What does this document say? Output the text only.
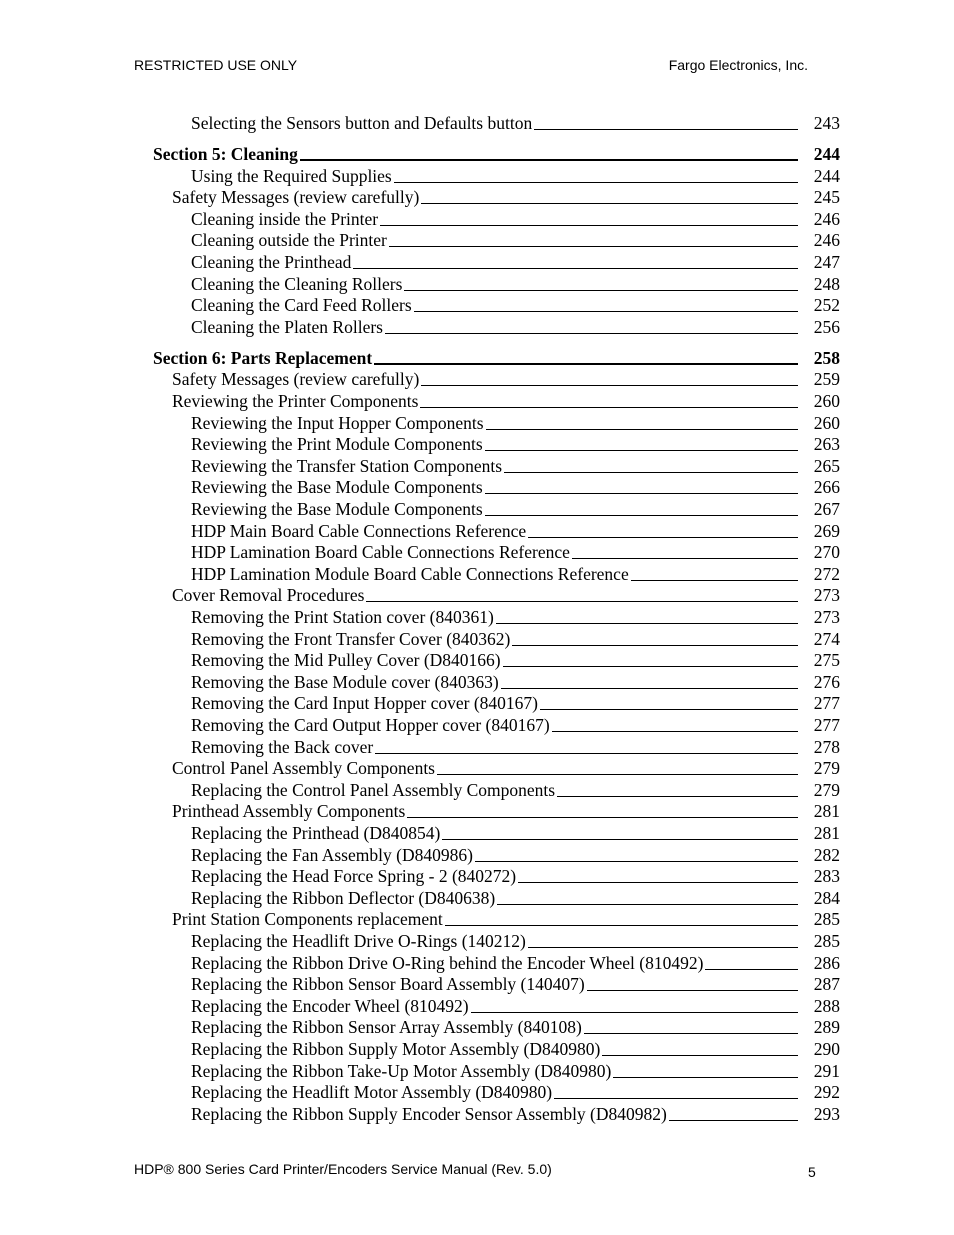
RESTRICTED USE ONLY	Fargo Electronics, Inc.
Selecting the Sensors button and Defaults button	243
Section 5: Cleaning	244
Using the Required Supplies	244
Safety Messages (review carefully)	245
Cleaning inside the Printer	246
Cleaning outside the Printer	246
Cleaning the Printhead	247
Cleaning the Cleaning Rollers	248
Cleaning the Card Feed Rollers	252
Cleaning the Platen Rollers	256
Section 6: Parts Replacement	258
Safety Messages (review carefully)	259
Reviewing the Printer Components	260
Reviewing the Input Hopper Components	260
Reviewing the Print Module Components	263
Reviewing the Transfer Station Components	265
Reviewing the Base Module Components	266
Reviewing the Base Module Components	267
HDP Main Board Cable Connections Reference	269
HDP Lamination Board Cable Connections Reference	270
HDP Lamination Module Board Cable Connections Reference	272
Cover Removal Procedures	273
Removing the Print Station cover (840361)	273
Removing the Front Transfer Cover (840362)	274
Removing the Mid Pulley Cover (D840166)	275
Removing the Base Module cover (840363)	276
Removing the Card Input Hopper cover (840167)	277
Removing the Card Output Hopper cover (840167)	277
Removing the Back cover	278
Control Panel Assembly Components	279
Replacing the Control Panel Assembly Components	279
Printhead Assembly Components	281
Replacing the Printhead (D840854)	281
Replacing the Fan Assembly (D840986)	282
Replacing the Head Force Spring - 2 (840272)	283
Replacing the Ribbon Deflector (D840638)	284
Print Station Components replacement	285
Replacing the Headlift Drive O-Rings (140212)	285
Replacing the Ribbon Drive O-Ring behind the Encoder Wheel (810492)	286
Replacing the Ribbon Sensor Board Assembly (140407)	287
Replacing the Encoder Wheel (810492)	288
Replacing the Ribbon Sensor Array Assembly (840108)	289
Replacing the Ribbon Supply Motor Assembly (D840980)	290
Replacing the Ribbon Take-Up Motor Assembly (D840980)	291
Replacing the Headlift Motor Assembly (D840980)	292
Replacing the Ribbon Supply Encoder Sensor Assembly (D840982)	293
HDP® 800 Series Card Printer/Encoders Service Manual (Rev. 5.0)	5
